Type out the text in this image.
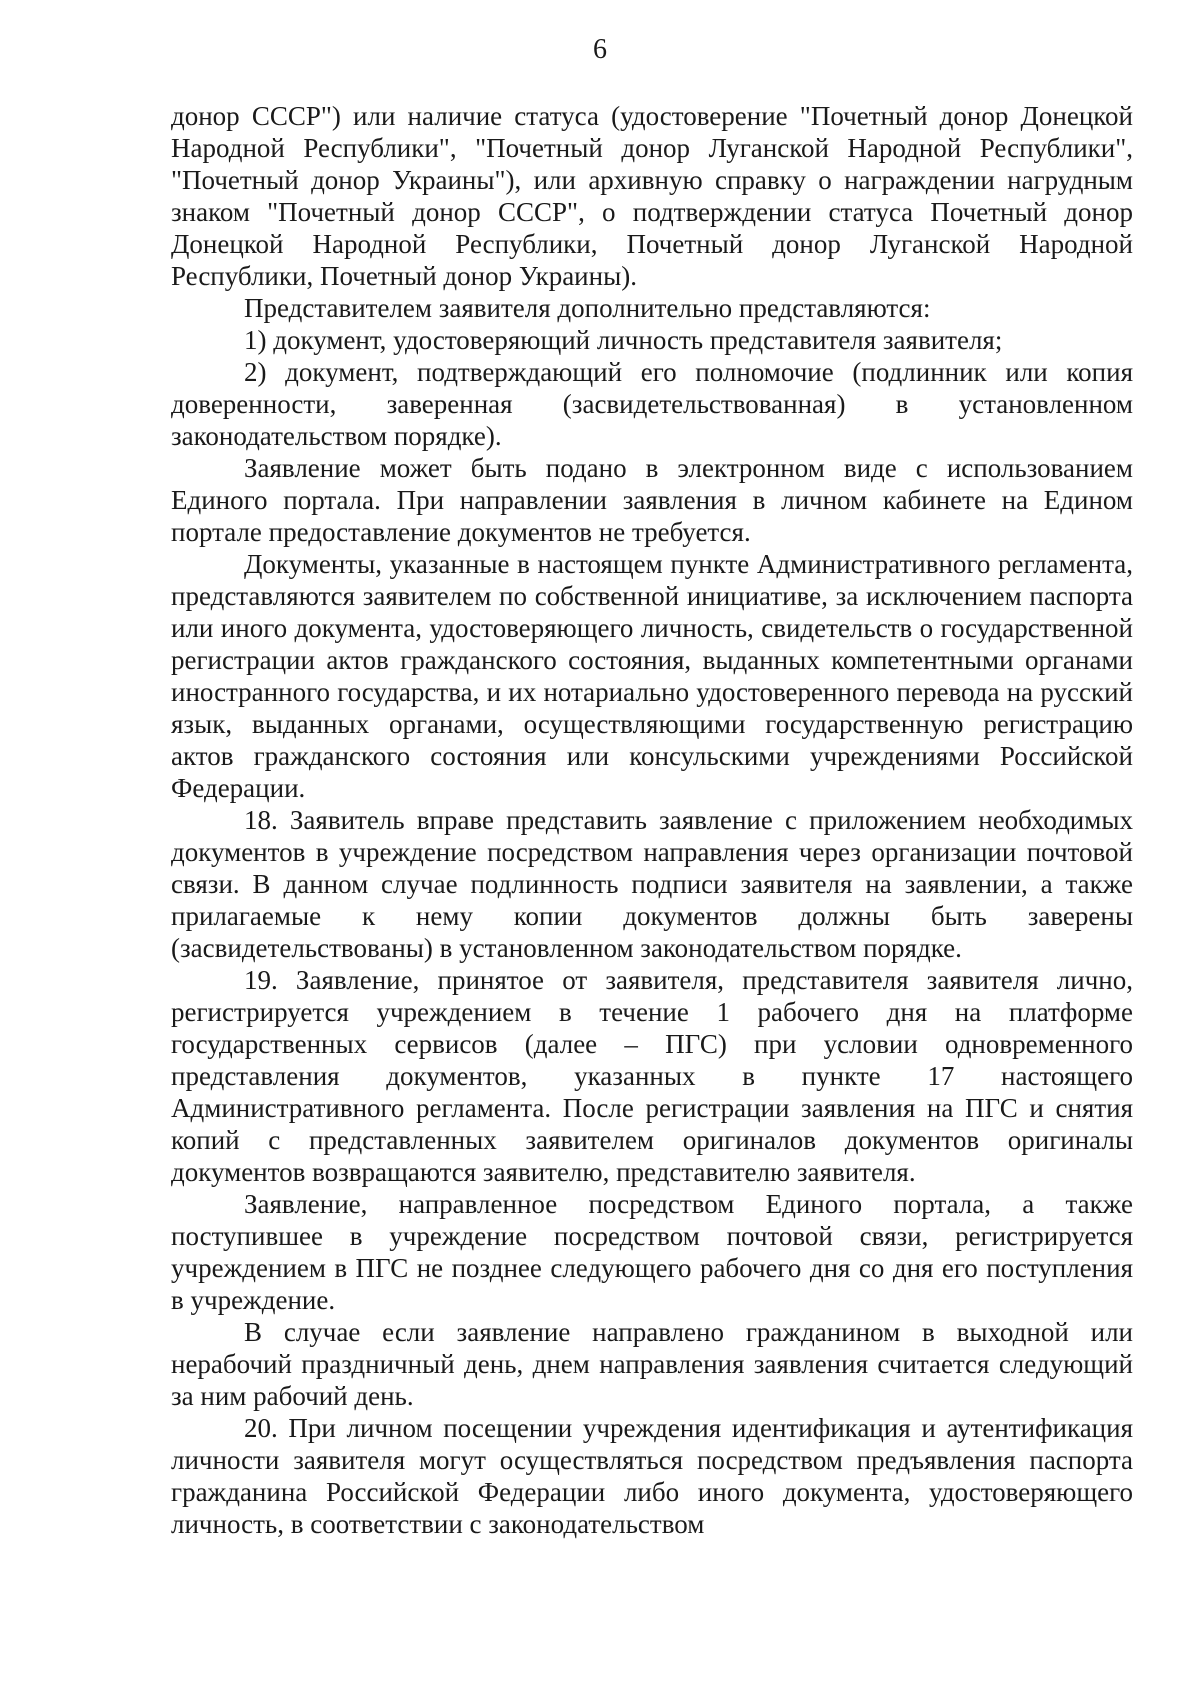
6

донор СССР") или наличие статуса (удостоверение "Почетный донор Донецкой Народной Республики", "Почетный донор Луганской Народной Республики", "Почетный донор Украины"), или архивную справку о награждении нагрудным знаком "Почетный донор СССР", о подтверждении статуса Почетный донор Донецкой Народной Республики, Почетный донор Луганской Народной Республики, Почетный донор Украины).

Представителем заявителя дополнительно представляются:

1) документ, удостоверяющий личность представителя заявителя;

2) документ, подтверждающий его полномочие (подлинник или копия доверенности, заверенная (засвидетельствованная) в установленном законодательством порядке).

Заявление может быть подано в электронном виде с использованием Единого портала. При направлении заявления в личном кабинете на Едином портале предоставление документов не требуется.

Документы, указанные в настоящем пункте Административного регламента, представляются заявителем по собственной инициативе, за исключением паспорта или иного документа, удостоверяющего личность, свидетельств о государственной регистрации актов гражданского состояния, выданных компетентными органами иностранного государства, и их нотариально удостоверенного перевода на русский язык, выданных органами, осуществляющими государственную регистрацию актов гражданского состояния или консульскими учреждениями Российской Федерации.

18. Заявитель вправе представить заявление с приложением необходимых документов в учреждение посредством направления через организации почтовой связи. В данном случае подлинность подписи заявителя на заявлении, а также прилагаемые к нему копии документов должны быть заверены (засвидетельствованы) в установленном законодательством порядке.

19. Заявление, принятое от заявителя, представителя заявителя лично, регистрируется учреждением в течение 1 рабочего дня на платформе государственных сервисов (далее – ПГС) при условии одновременного представления документов, указанных в пункте 17 настоящего Административного регламента. После регистрации заявления на ПГС и снятия копий с представленных заявителем оригиналов документов оригиналы документов возвращаются заявителю, представителю заявителя.

Заявление, направленное посредством Единого портала, а также поступившее в учреждение посредством почтовой связи, регистрируется учреждением в ПГС не позднее следующего рабочего дня со дня его поступления в учреждение.

В случае если заявление направлено гражданином в выходной или нерабочий праздничный день, днем направления заявления считается следующий за ним рабочий день.

20. При личном посещении учреждения идентификация и аутентификация личности заявителя могут осуществляться посредством предъявления паспорта гражданина Российской Федерации либо иного документа, удостоверяющего личность, в соответствии с законодательством
